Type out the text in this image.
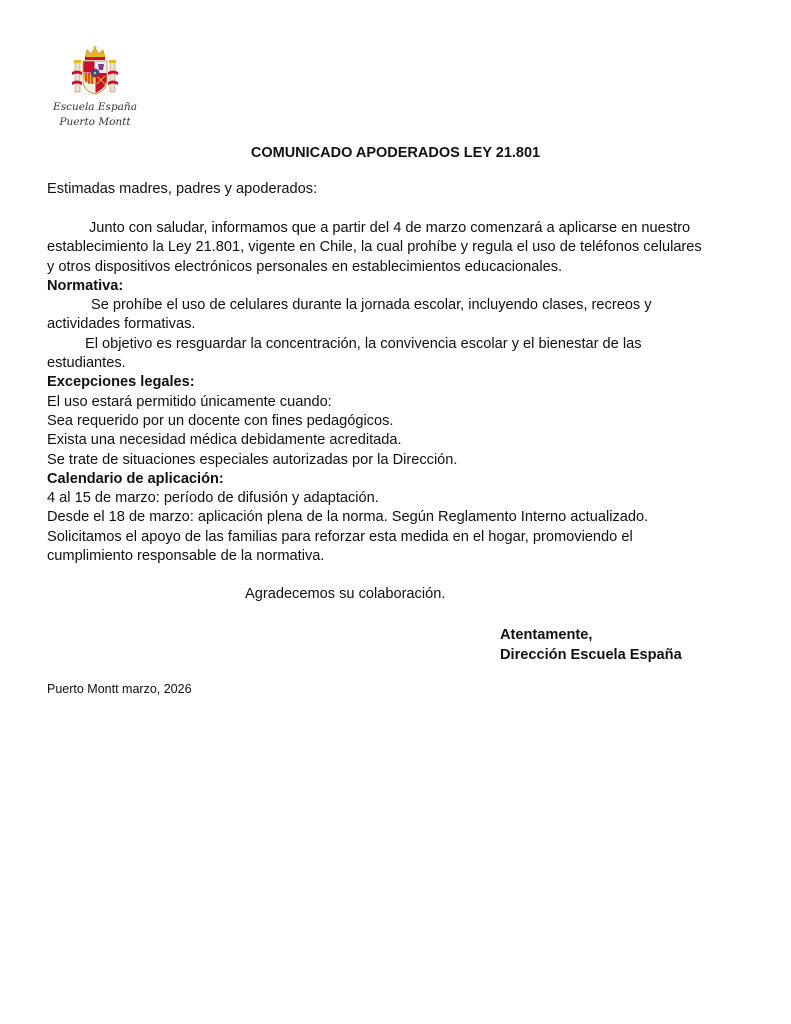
Escuela España
Puerto Montt
COMUNICADO APODERADOS LEY 21.801

Estimadas madres, padres y apoderados:

Junto con saludar, informamos que a partir del 4 de marzo comenzará a aplicarse en nuestro

establecimiento la Ley 21.801, vigente en Chile, la cual prohíbe y regula el uso de teléfonos celulares

y otros dispositivos electrónicos personales en establecimientos educacionales.

Normativa:

Se prohíbe el uso de celulares durante la jornada escolar, incluyendo clases, recreos y

actividades formativas.

El objetivo es resguardar la concentración, la convivencia escolar y el bienestar de las

estudiantes.

Excepciones legales:

El uso estará permitido únicamente cuando:

Sea requerido por un docente con fines pedagógicos.

Exista una necesidad médica debidamente acreditada.

Se trate de situaciones especiales autorizadas por la Dirección.

Calendario de aplicación:

4 al 15 de marzo: período de difusión y adaptación.

Desde el 18 de marzo: aplicación plena de la norma. Según Reglamento Interno actualizado.

Solicitamos el apoyo de las familias para reforzar esta medida en el hogar, promoviendo el

cumplimiento responsable de la normativa.

Agradecemos su colaboración.
Atentamente,
Dirección Escuela España
Puerto Montt marzo, 2026
